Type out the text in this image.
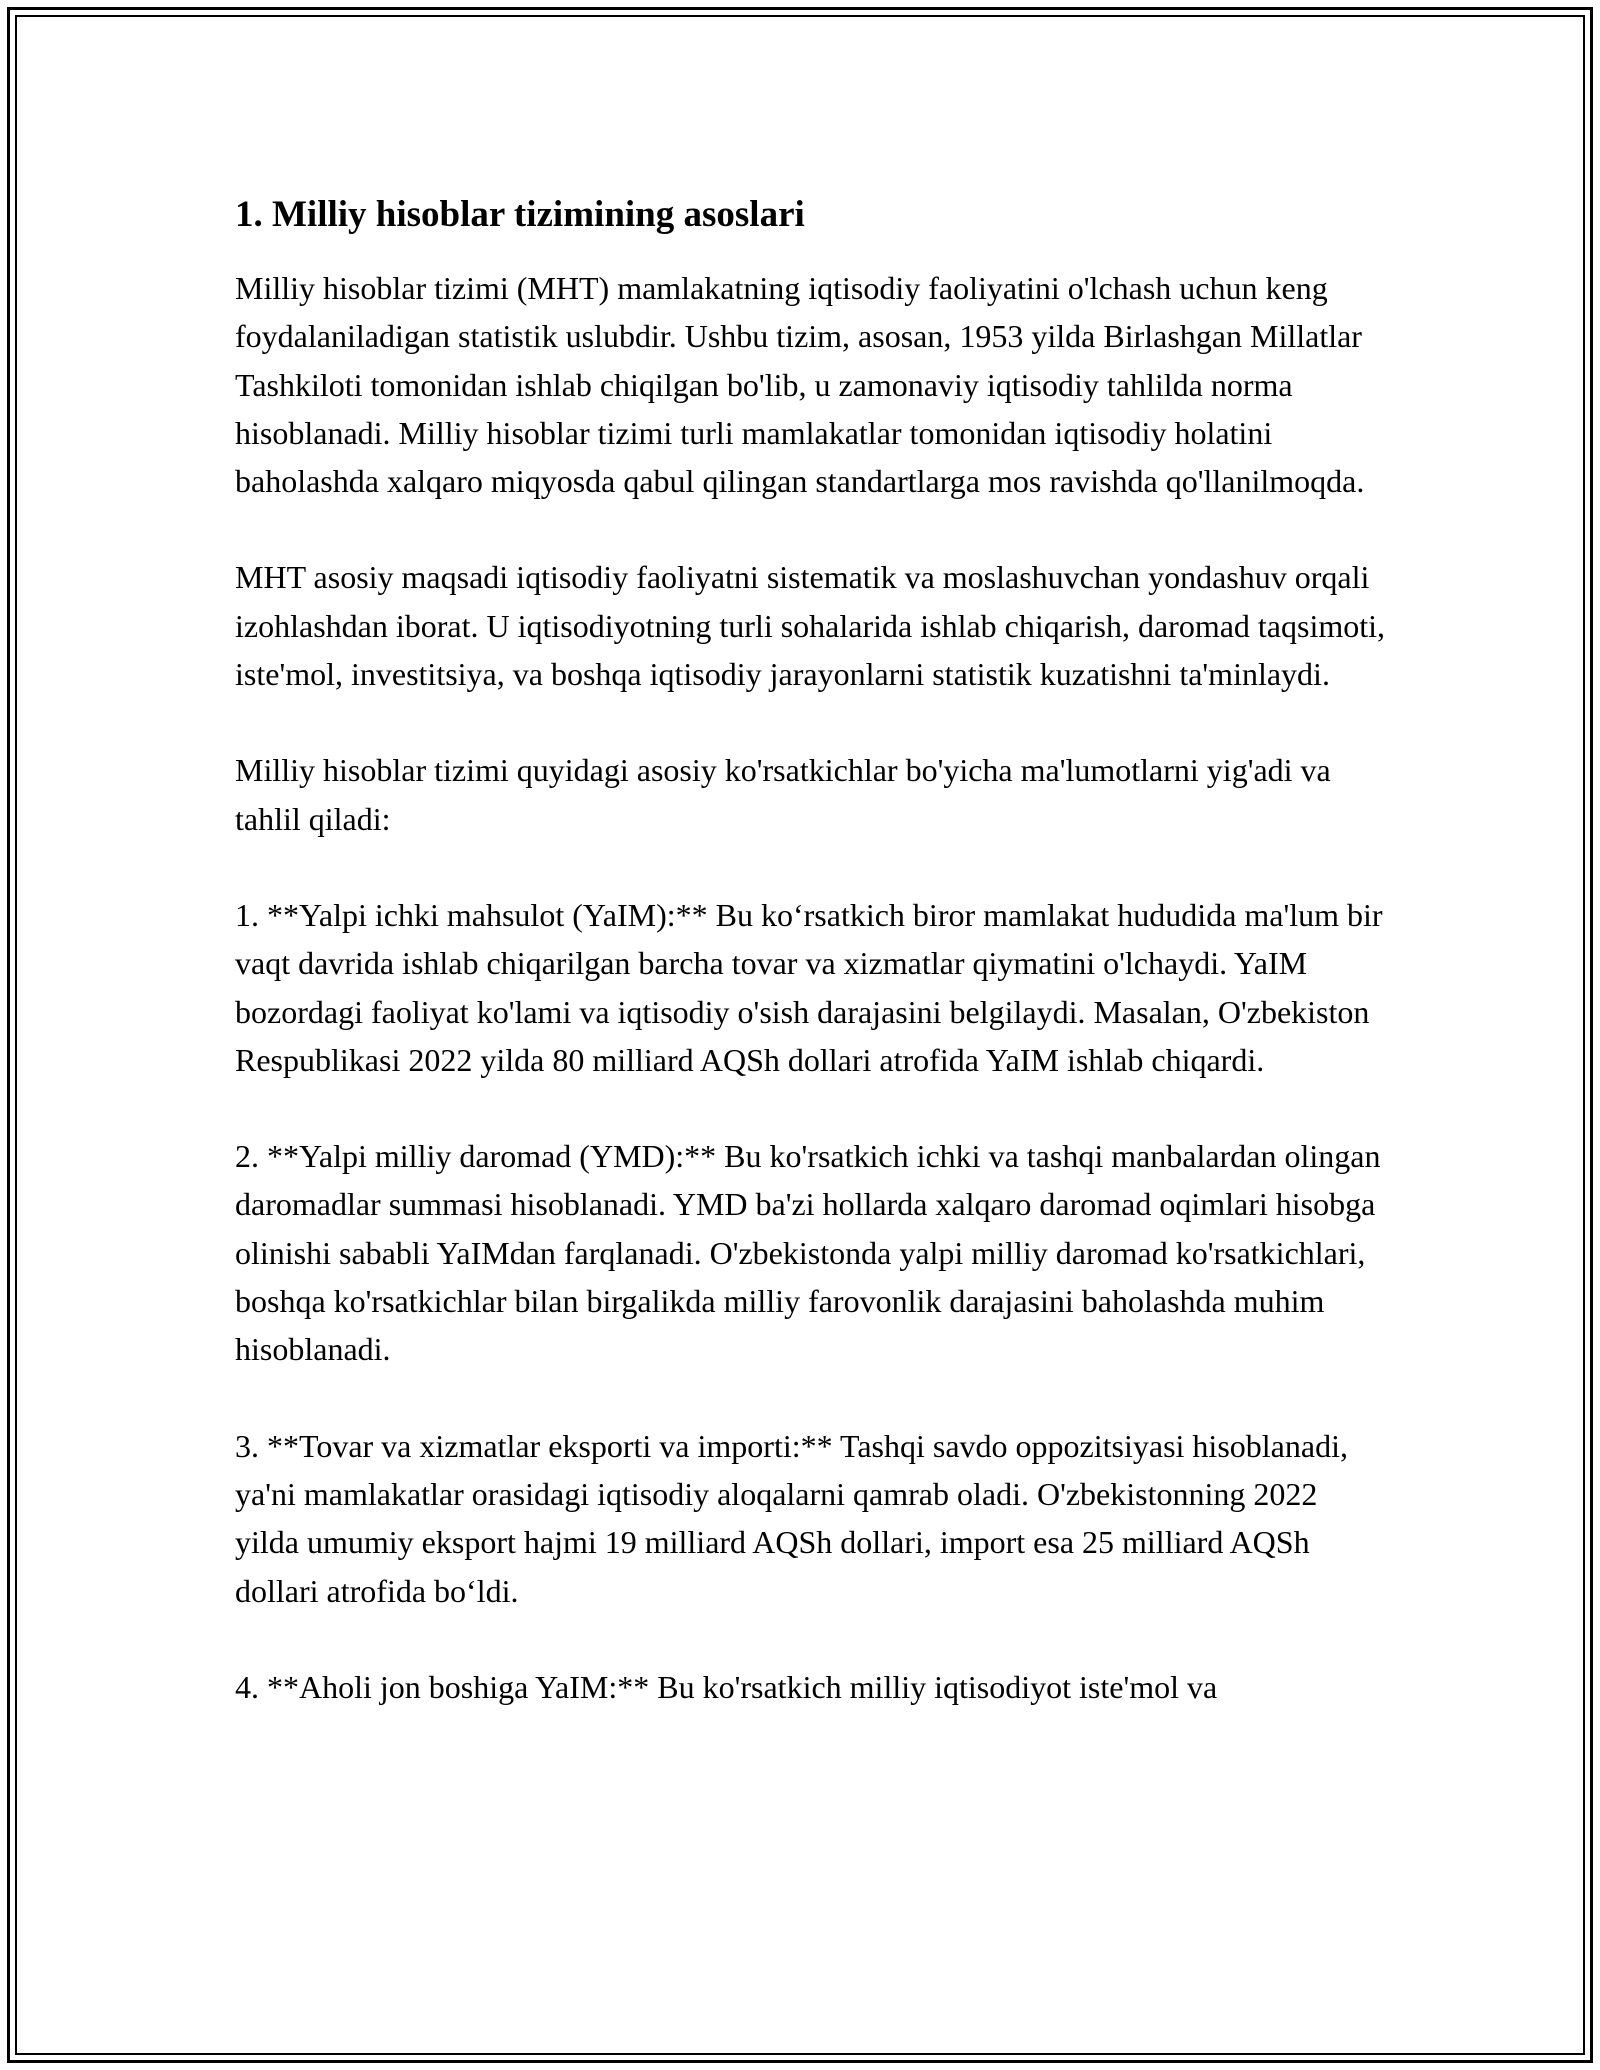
1. Milliy hisoblar tizimining asoslari

Milliy hisoblar tizimi (MHT) mamlakatning iqtisodiy faoliyatini o'lchash uchun keng foydalaniladigan statistik uslubdir. Ushbu tizim, asosan, 1953 yilda Birlashgan Millatlar Tashkiloti tomonidan ishlab chiqilgan bo'lib, u zamonaviy iqtisodiy tahlilda norma hisoblanadi. Milliy hisoblar tizimi turli mamlakatlar tomonidan iqtisodiy holatini baholashda xalqaro miqyosda qabul qilingan standartlarga mos ravishda qo'llanilmoqda.

MHT asosiy maqsadi iqtisodiy faoliyatni sistematik va moslashuvchan yondashuv orqali izohlashdan iborat. U iqtisodiyotning turli sohalarida ishlab chiqarish, daromad taqsimoti, iste'mol, investitsiya, va boshqa iqtisodiy jarayonlarni statistik kuzatishni ta'minlaydi.

Milliy hisoblar tizimi quyidagi asosiy ko'rsatkichlar bo'yicha ma'lumotlarni yig'adi va tahlil qiladi:

1. **Yalpi ichki mahsulot (YaIM):** Bu ko‘rsatkich biror mamlakat hududida ma'lum bir vaqt davrida ishlab chiqarilgan barcha tovar va xizmatlar qiymatini o'lchaydi. YaIM bozordagi faoliyat ko'lami va iqtisodiy o'sish darajasini belgilaydi. Masalan, O'zbekiston Respublikasi 2022 yilda 80 milliard AQSh dollari atrofida YaIM ishlab chiqardi.

2. **Yalpi milliy daromad (YMD):** Bu ko'rsatkich ichki va tashqi manbalardan olingan daromadlar summasi hisoblanadi. YMD ba'zi hollarda xalqaro daromad oqimlari hisobga olinishi sababli YaIMdan farqlanadi. O'zbekistonda yalpi milliy daromad ko'rsatkichlari, boshqa ko'rsatkichlar bilan birgalikda milliy farovonlik darajasini baholashda muhim hisoblanadi.

3. **Tovar va xizmatlar eksporti va importi:** Tashqi savdo oppozitsiyasi hisoblanadi, ya'ni mamlakatlar orasidagi iqtisodiy aloqalarni qamrab oladi. O'zbekistonning 2022 yilda umumiy eksport hajmi 19 milliard AQSh dollari, import esa 25 milliard AQSh dollari atrofida bo‘ldi.

4. **Aholi jon boshiga YaIM:** Bu ko'rsatkich milliy iqtisodiyot iste'mol va
